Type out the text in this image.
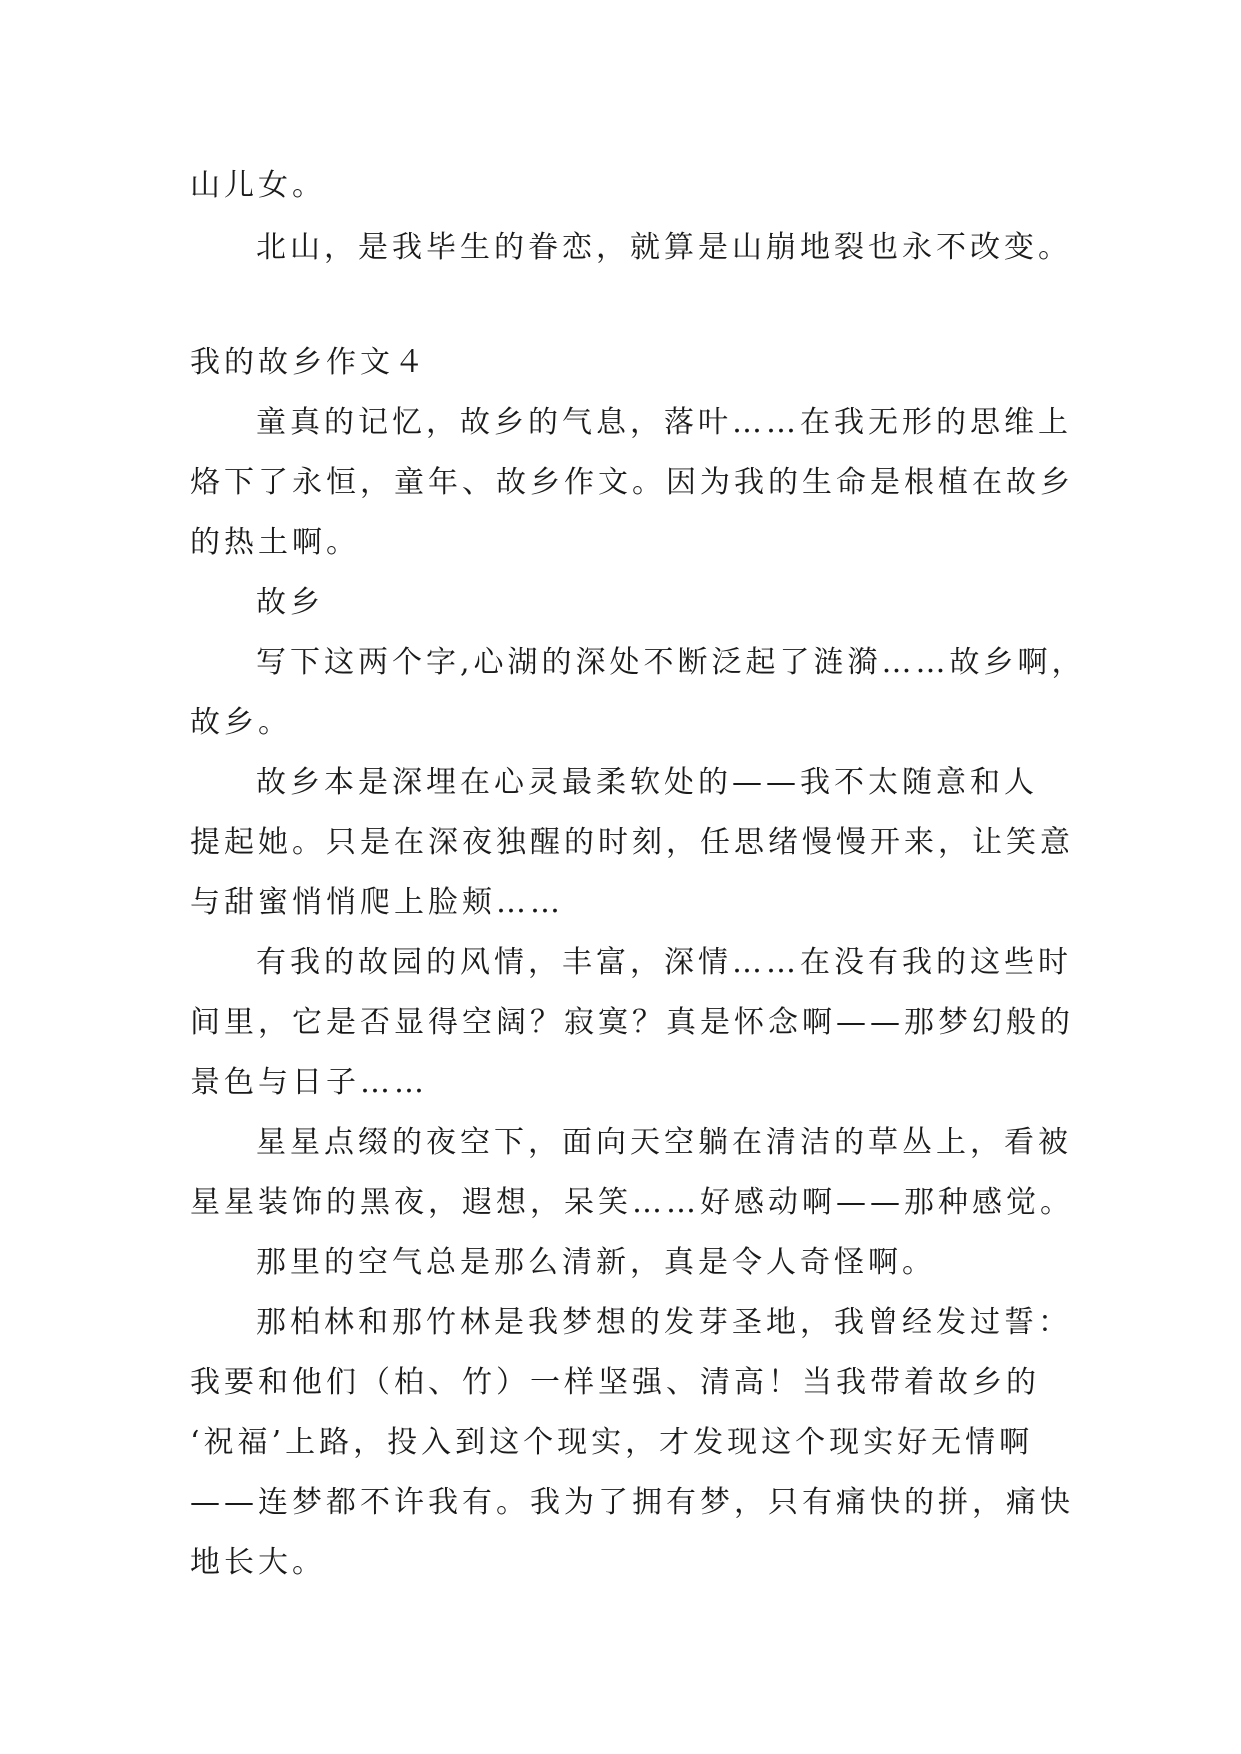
山儿女。
北山，是我毕生的眷恋，就算是山崩地裂也永不改变。
我的故乡作文４
童真的记忆，故乡的气息，落叶……在我无形的思维上
烙下了永恒，童年、故乡作文。因为我的生命是根植在故乡
的热土啊。
故乡
写下这两个字,心湖的深处不断泛起了涟漪……故乡啊，
故乡。
故乡本是深埋在心灵最柔软处的——我不太随意和人
提起她。只是在深夜独醒的时刻，任思绪慢慢开来，让笑意
与甜蜜悄悄爬上脸颊……
有我的故园的风情，丰富，深情……在没有我的这些时
间里，它是否显得空阔？寂寞？真是怀念啊——那梦幻般的
景色与日子……
星星点缀的夜空下，面向天空躺在清洁的草丛上，看被
星星装饰的黑夜，遐想，呆笑……好感动啊——那种感觉。
那里的空气总是那么清新，真是令人奇怪啊。
那柏林和那竹林是我梦想的发芽圣地，我曾经发过誓：
我要和他们（柏、竹）一样坚强、清高！当我带着故乡的
‘祝福’上路，投入到这个现实，才发现这个现实好无情啊
——连梦都不许我有。我为了拥有梦，只有痛快的拼，痛快
地长大。
